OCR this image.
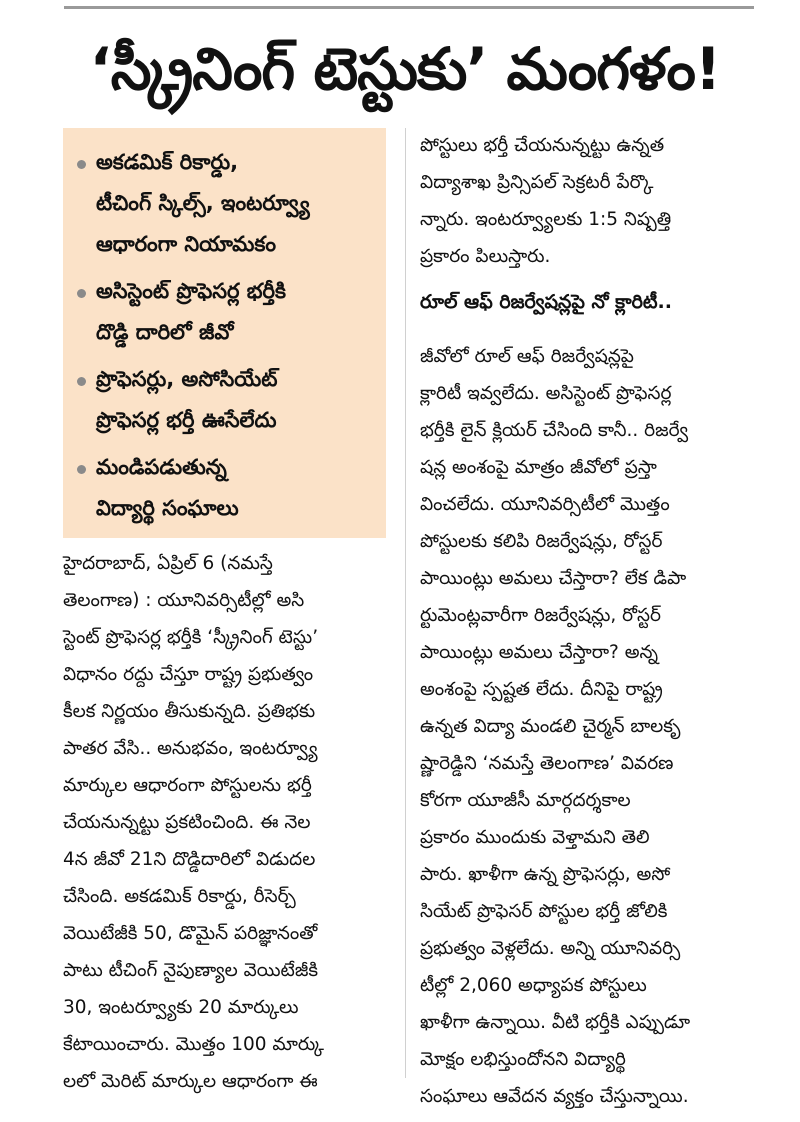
‘స్క్రీనింగ్ టెస్టుకు’ మంగళం!
అకడమిక్ రికార్డు,
టీచింగ్ స్కిల్స్, ఇంటర్వ్యూ
ఆధారంగా నియామకం
అసిస్టెంట్ ప్రొఫెసర్ల భర్తీకి
దొడ్డి దారిలో జీవో
ప్రొఫెసర్లు, అసోసియేట్
ప్రొఫెసర్ల భర్తీ ఊసేలేదు
మండిపడుతున్న
విద్యార్థి సంఘాలు
హైదరాబాద్, ఏప్రిల్ 6 (నమస్తే
తెలంగాణ) : యూనివర్సిటీల్లో అసి
స్టెంట్ ప్రొఫెసర్ల భర్తీకి ‘స్క్రీనింగ్ టెస్టు’
విధానం రద్దు చేస్తూ రాష్ట్ర ప్రభుత్వం
కీలక నిర్ణయం తీసుకున్నది. ప్రతిభకు
పాతర వేసి.. అనుభవం, ఇంటర్వ్యూ
మార్కుల ఆధారంగా పోస్టులను భర్తీ
చేయనున్నట్టు ప్రకటించింది. ఈ నెల
4న జీవో 21ని దొడ్డిదారిలో విడుదల
చేసింది. అకడమిక్ రికార్డు, రీసెర్చ్
వెయిటేజీకి 50, డొమైన్ పరిజ్ఞానంతో
పాటు టీచింగ్ నైపుణ్యాల వెయిటేజీకి
30, ఇంటర్వ్యూకు 20 మార్కులు
కేటాయించారు. మొత్తం 100 మార్కు
లలో మెరిట్ మార్కుల ఆధారంగా ఈ
పోస్టులు భర్తీ చేయనున్నట్టు ఉన్నత
విద్యాశాఖ ప్రిన్సిపల్ సెక్రటరీ పేర్కొ
న్నారు. ఇంటర్వ్యూలకు 1:5 నిష్పత్తి
ప్రకారం పిలుస్తారు.
రూల్ ఆఫ్ రిజర్వేషన్లపై నో క్లారిటీ..
జీవోలో రూల్ ఆఫ్ రిజర్వేషన్లపై
క్లారిటీ ఇవ్వలేదు. అసిస్టెంట్ ప్రొఫెసర్ల
భర్తీకి లైన్ క్లియర్ చేసింది కానీ.. రిజర్వే
షన్ల అంశంపై మాత్రం జీవోలో ప్రస్తా
వించలేదు. యూనివర్సిటీలో మొత్తం
పోస్టులకు కలిపి రిజర్వేషన్లు, రోస్టర్
పాయింట్లు అమలు చేస్తారా? లేక డిపా
ర్టుమెంట్లవారీగా రిజర్వేషన్లు, రోస్టర్
పాయింట్లు అమలు చేస్తారా? అన్న
అంశంపై స్పష్టత లేదు. దీనిపై రాష్ట్ర
ఉన్నత విద్యా మండలి చైర్మన్ బాలకృ
ష్ణారెడ్డిని ‘నమస్తే తెలంగాణ’ వివరణ
కోరగా యూజీసీ మార్గదర్శకాల
ప్రకారం ముందుకు వెళ్తామని తెలి
పారు. ఖాళీగా ఉన్న ప్రొఫెసర్లు, అసో
సియేట్ ప్రొఫెసర్ పోస్టుల భర్తీ జోలికి
ప్రభుత్వం వెళ్లలేదు. అన్ని యూనివర్సి
టీల్లో 2,060 అధ్యాపక పోస్టులు
ఖాళీగా ఉన్నాయి. వీటి భర్తీకి ఎప్పుడూ
మోక్షం లభిస్తుందోనని విద్యార్థి
సంఘాలు ఆవేదన వ్యక్తం చేస్తున్నాయి.
